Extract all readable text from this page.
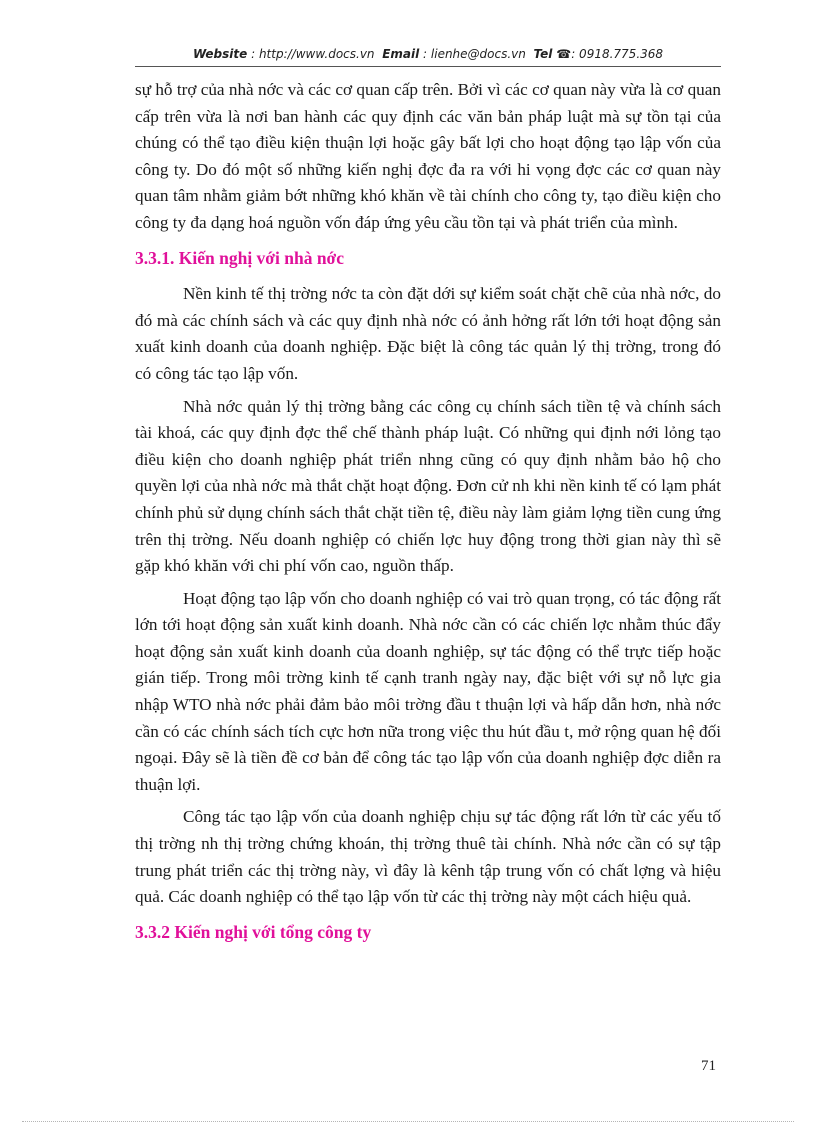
Website : http://www.docs.vn Email : lienhe@docs.vn Tel ☎: 0918.775.368

sự hỗ trợ của nhà nớc và các cơ quan cấp trên. Bởi vì các cơ quan này vừa là cơ quan cấp trên vừa là nơi ban hành các quy định các văn bản pháp luật mà sự tồn tại của chúng có thể tạo điều kiện thuận lợi hoặc gây bất lợi cho hoạt động tạo lập vốn của công ty. Do đó một số những kiến nghị đợc đa ra với hi vọng đợc các cơ quan này quan tâm nhằm giảm bớt những khó khăn về tài chính cho công ty, tạo điều kiện cho công ty đa dạng hoá nguồn vốn đáp ứng yêu cầu tồn tại và phát triển của mình.

3.3.1. Kiến nghị với nhà nớc

Nền kinh tế thị trờng nớc ta còn đặt dới sự kiểm soát chặt chẽ của nhà nớc, do đó mà các chính sách và các quy định nhà nớc có ảnh hởng rất lớn tới hoạt động sản xuất kinh doanh của doanh nghiệp. Đặc biệt là công tác quản lý thị trờng, trong đó có công tác tạo lập vốn.

Nhà nớc quản lý thị trờng bằng các công cụ chính sách tiền tệ và chính sách tài khoá, các quy định đợc thể chế thành pháp luật. Có những qui định nới lỏng tạo điều kiện cho doanh nghiệp phát triển nhng cũng có quy định nhằm bảo hộ cho quyền lợi của nhà nớc mà thắt chặt hoạt động. Đơn cử nh khi nền kinh tế có lạm phát chính phủ sử dụng chính sách thắt chặt tiền tệ, điều này làm giảm lợng tiền cung ứng trên thị trờng. Nếu doanh nghiệp có chiến lợc huy động trong thời gian này thì sẽ gặp khó khăn với chi phí vốn cao, nguồn thấp.

Hoạt động tạo lập vốn cho doanh nghiệp có vai trò quan trọng, có tác động rất lớn tới hoạt động sản xuất kinh doanh. Nhà nớc cần có các chiến lợc nhằm thúc đẩy hoạt động sản xuất kinh doanh của doanh nghiệp, sự tác động có thể trực tiếp hoặc gián tiếp. Trong môi trờng kinh tế cạnh tranh ngày nay, đặc biệt với sự nỗ lực gia nhập WTO nhà nớc phải đảm bảo môi trờng đầu t thuận lợi và hấp dẫn hơn, nhà nớc cần có các chính sách tích cực hơn nữa trong việc thu hút đầu t, mở rộng quan hệ đối ngoại. Đây sẽ là tiền đề cơ bản để công tác tạo lập vốn của doanh nghiệp đợc diễn ra thuận lợi.

Công tác tạo lập vốn của doanh nghiệp chịu sự tác động rất lớn từ các yếu tố thị trờng nh thị trờng chứng khoán, thị trờng thuê tài chính. Nhà nớc cần có sự tập trung phát triển các thị trờng này, vì đây là kênh tập trung vốn có chất lợng và hiệu quả. Các doanh nghiệp có thể tạo lập vốn từ các thị trờng này một cách hiệu quả.

3.3.2 Kiến nghị với tổng công ty

71
